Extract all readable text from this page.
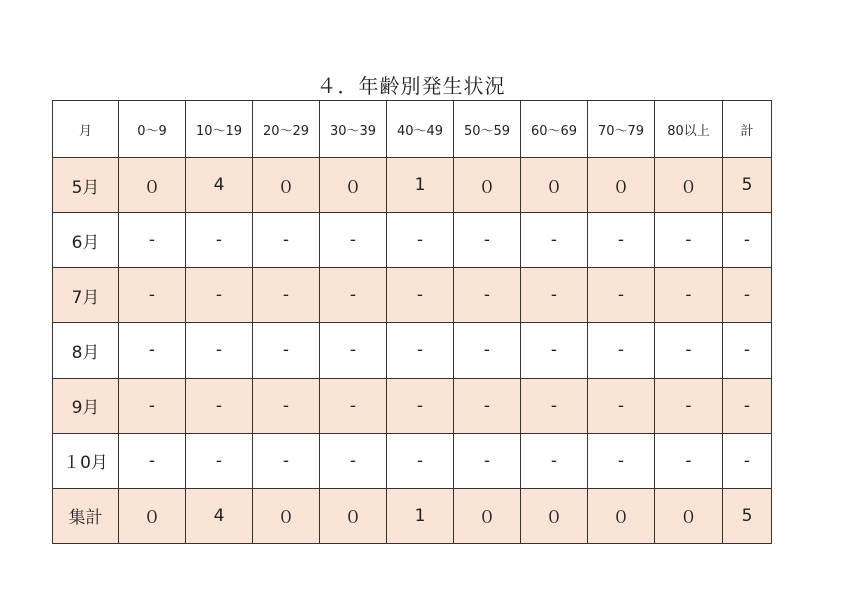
４．年齢別発生状況
月	0～9	10～19	20～29	30～39	40～49	50～59	60～69	70～79	80以上	計
5月	０	4	０	０	1	０	０	０	０	5
6月	-	-	-	-	-	-	-	-	-	-
7月	-	-	-	-	-	-	-	-	-	-
8月	-	-	-	-	-	-	-	-	-	-
9月	-	-	-	-	-	-	-	-	-	-
１0月	-	-	-	-	-	-	-	-	-	-
集計	０	4	０	０	1	０	０	０	０	5
